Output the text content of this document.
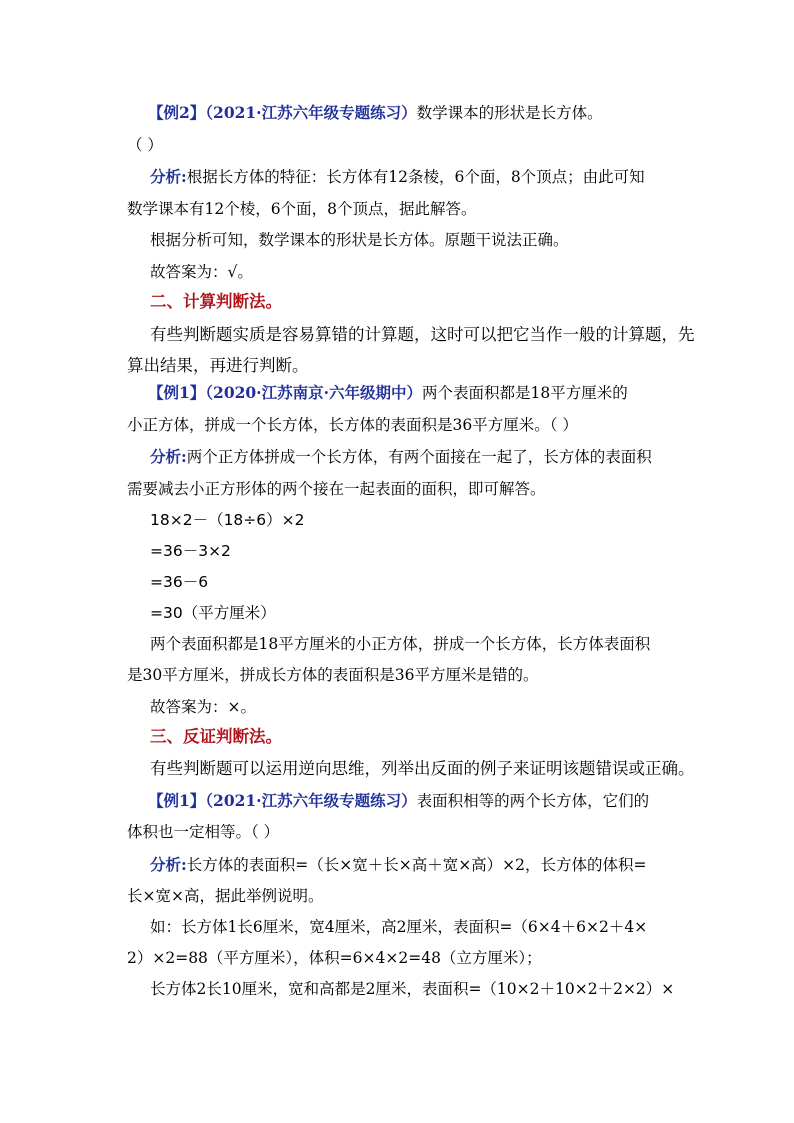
【例2】（2021·江苏六年级专题练习）数学课本的形状是长方体。
（ ）
分析:根据长方体的特征：长方体有12条棱，6个面，8个顶点；由此可知
数学课本有12个棱，6个面，8个顶点，据此解答。
根据分析可知，数学课本的形状是长方体。原题干说法正确。
故答案为：√。
二、计算判断法。
有些判断题实质是容易算错的计算题，这时可以把它当作一般的计算题，先
算出结果，再进行判断。
【例1】（2020·江苏南京·六年级期中）两个表面积都是18平方厘米的
小正方体，拼成一个长方体，长方体的表面积是36平方厘米。（ ）
分析:两个正方体拼成一个长方体，有两个面接在一起了，长方体的表面积
需要减去小正方形体的两个接在一起表面的面积，即可解答。
18×2－（18÷6）×2
=36－3×2
=36－6
=30（平方厘米）
两个表面积都是18平方厘米的小正方体，拼成一个长方体，长方体表面积
是30平方厘米，拼成长方体的表面积是36平方厘米是错的。
故答案为：×。
三、反证判断法。
有些判断题可以运用逆向思维，列举出反面的例子来证明该题错误或正确。
【例1】（2021·江苏六年级专题练习）表面积相等的两个长方体，它们的
体积也一定相等。（ ）
分析:长方体的表面积=（长×宽＋长×高＋宽×高）×2，长方体的体积=
长×宽×高，据此举例说明。
如：长方体1长6厘米，宽4厘米，高2厘米，表面积=（6×4＋6×2＋4×
2）×2=88（平方厘米），体积=6×4×2=48（立方厘米）；
长方体2长10厘米，宽和高都是2厘米，表面积=（10×2＋10×2＋2×2）×
